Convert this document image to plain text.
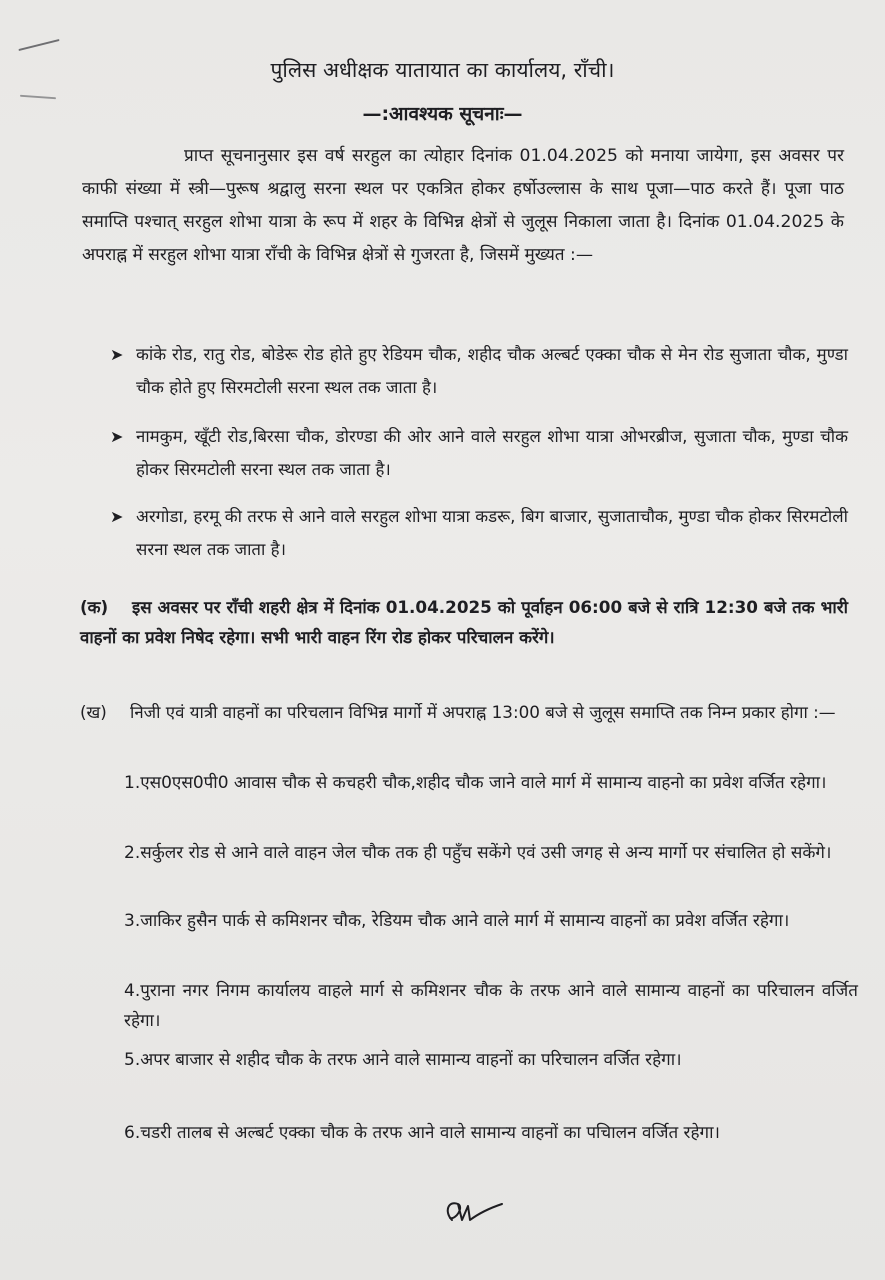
पुलिस अधीक्षक यातायात का कार्यालय, राँची।
—:आवश्यक सूचनाः—
प्राप्त सूचनानुसार इस वर्ष सरहुल का त्योहार दिनांक 01.04.2025 को मनाया जायेगा, इस अवसर पर काफी संख्या में स्त्री—पुरूष श्रद्वालु सरना स्थल पर एकत्रित होकर हर्षोउल्लास के साथ पूजा—पाठ करते हैं। पूजा पाठ समाप्ति पश्चात् सरहुल शोभा यात्रा के रूप में शहर के विभिन्न क्षेत्रों से जुलूस निकाला जाता है। दिनांक 01.04.2025 के अपराह्न में सरहुल शोभा यात्रा राँची के विभिन्न क्षेत्रों से गुजरता है, जिसमें मुख्यत :—
➤ कांके रोड, रातु रोड, बोडेरू रोड होते हुए रेडियम चौक, शहीद चौक अल्बर्ट एक्का चौक से मेन रोड सुजाता चौक, मुण्डा चौक होते हुए सिरमटोली सरना स्थल तक जाता है।
➤ नामकुम, खूँटी रोड,बिरसा चौक, डोरण्डा की ओर आने वाले सरहुल शोभा यात्रा ओभरब्रीज, सुजाता चौक, मुण्डा चौक होकर सिरमटोली सरना स्थल तक जाता है।
➤ अरगोडा, हरमू की तरफ से आने वाले सरहुल शोभा यात्रा कडरू, बिग बाजार, सुजाताचौक, मुण्डा चौक होकर सिरमटोली सरना स्थल तक जाता है।
(क)	इस अवसर पर राँची शहरी क्षेत्र में दिनांक 01.04.2025 को पूर्वाहन 06:00 बजे से रात्रि 12:30 बजे तक भारी वाहनों का प्रवेश निषेद रहेगा। सभी भारी वाहन रिंग रोड होकर परिचालन करेंगे।
(ख) निजी एवं यात्री वाहनों का परिचलान विभिन्न मार्गो में अपराह्न 13:00 बजे से जुलूस समाप्ति तक निम्न प्रकार होगा :—
1.एस0एस0पी0 आवास चौक से कचहरी चौक,शहीद चौक जाने वाले मार्ग में सामान्य वाहनो का प्रवेश वर्जित रहेगा।
2.सर्कुलर रोड से आने वाले वाहन जेल चौक तक ही पहुँच सकेंगे एवं उसी जगह से अन्य मार्गो पर संचालित हो सकेंगे।
3.जाकिर हुसैन पार्क से कमिशनर चौक, रेडियम चौक आने वाले मार्ग में सामान्य वाहनों का प्रवेश वर्जित रहेगा।
4.पुराना नगर निगम कार्यालय वाहले मार्ग से कमिशनर चौक के तरफ आने वाले सामान्य वाहनों का परिचालन वर्जित रहेगा।
5.अपर बाजार से शहीद चौक के तरफ आने वाले सामान्य वाहनों का परिचालन वर्जित रहेगा।
6.चडरी तालब से अल्बर्ट एक्का चौक के तरफ आने वाले सामान्य वाहनों का पचिालन वर्जित रहेगा।
